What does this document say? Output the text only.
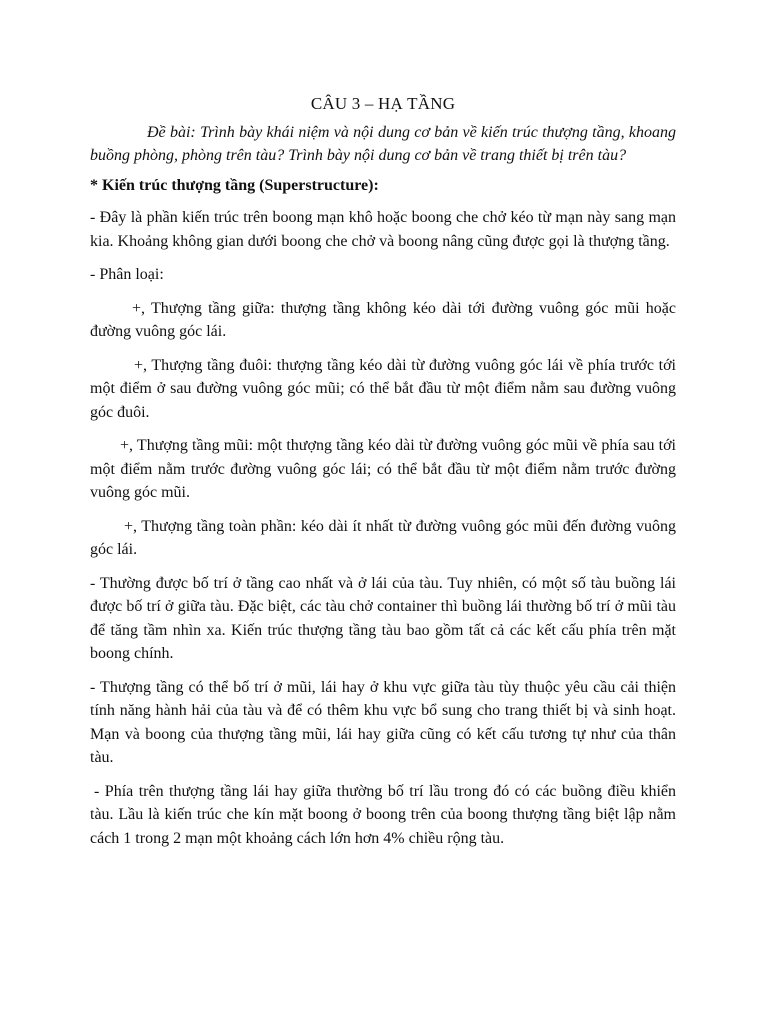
CÂU 3 – HẠ TẦNG

Đề bài: Trình bày khái niệm và nội dung cơ bản về kiến trúc thượng tầng, khoang buồng phòng, phòng trên tàu? Trình bày nội dung cơ bản về trang thiết bị trên tàu?

* Kiến trúc thượng tầng (Superstructure):

- Đây là phần kiến trúc trên boong mạn khô hoặc boong che chở kéo từ mạn này sang mạn kia. Khoảng không gian dưới boong che chở và boong nâng cũng được gọi là thượng tầng.

- Phân loại:

+, Thượng tầng giữa: thượng tầng không kéo dài tới đường vuông góc mũi hoặc đường vuông góc lái.

+, Thượng tầng đuôi: thượng tầng kéo dài từ đường vuông góc lái về phía trước tới một điểm ở sau đường vuông góc mũi; có thể bắt đầu từ một điểm nằm sau đường vuông góc đuôi.

+, Thượng tầng mũi: một thượng tầng kéo dài từ đường vuông góc mũi về phía sau tới một điểm nằm trước đường vuông góc lái; có thể bắt đầu từ một điểm nằm trước đường vuông góc mũi.

+, Thượng tầng toàn phần: kéo dài ít nhất từ đường vuông góc mũi đến đường vuông góc lái.

- Thường được bố trí ở tầng cao nhất và ở lái của tàu. Tuy nhiên, có một số tàu buồng lái được bố trí ở giữa tàu. Đặc biệt, các tàu chở container thì buồng lái thường bố trí ở mũi tàu để tăng tầm nhìn xa. Kiến trúc thượng tầng tàu bao gồm tất cả các kết cấu phía trên mặt boong chính.

- Thượng tầng có thể bố trí ở mũi, lái hay ở khu vực giữa tàu tùy thuộc yêu cầu cải thiện tính năng hành hải của tàu và để có thêm khu vực bổ sung cho trang thiết bị và sinh hoạt. Mạn và boong của thượng tầng mũi, lái hay giữa cũng có kết cấu tương tự như của thân tàu.

- Phía trên thượng tầng lái hay giữa thường bố trí lầu trong đó có các buồng điều khiển tàu. Lầu là kiến trúc che kín mặt boong ở boong trên của boong thượng tầng biệt lập nằm cách 1 trong 2 mạn một khoảng cách lớn hơn 4% chiều rộng tàu.
